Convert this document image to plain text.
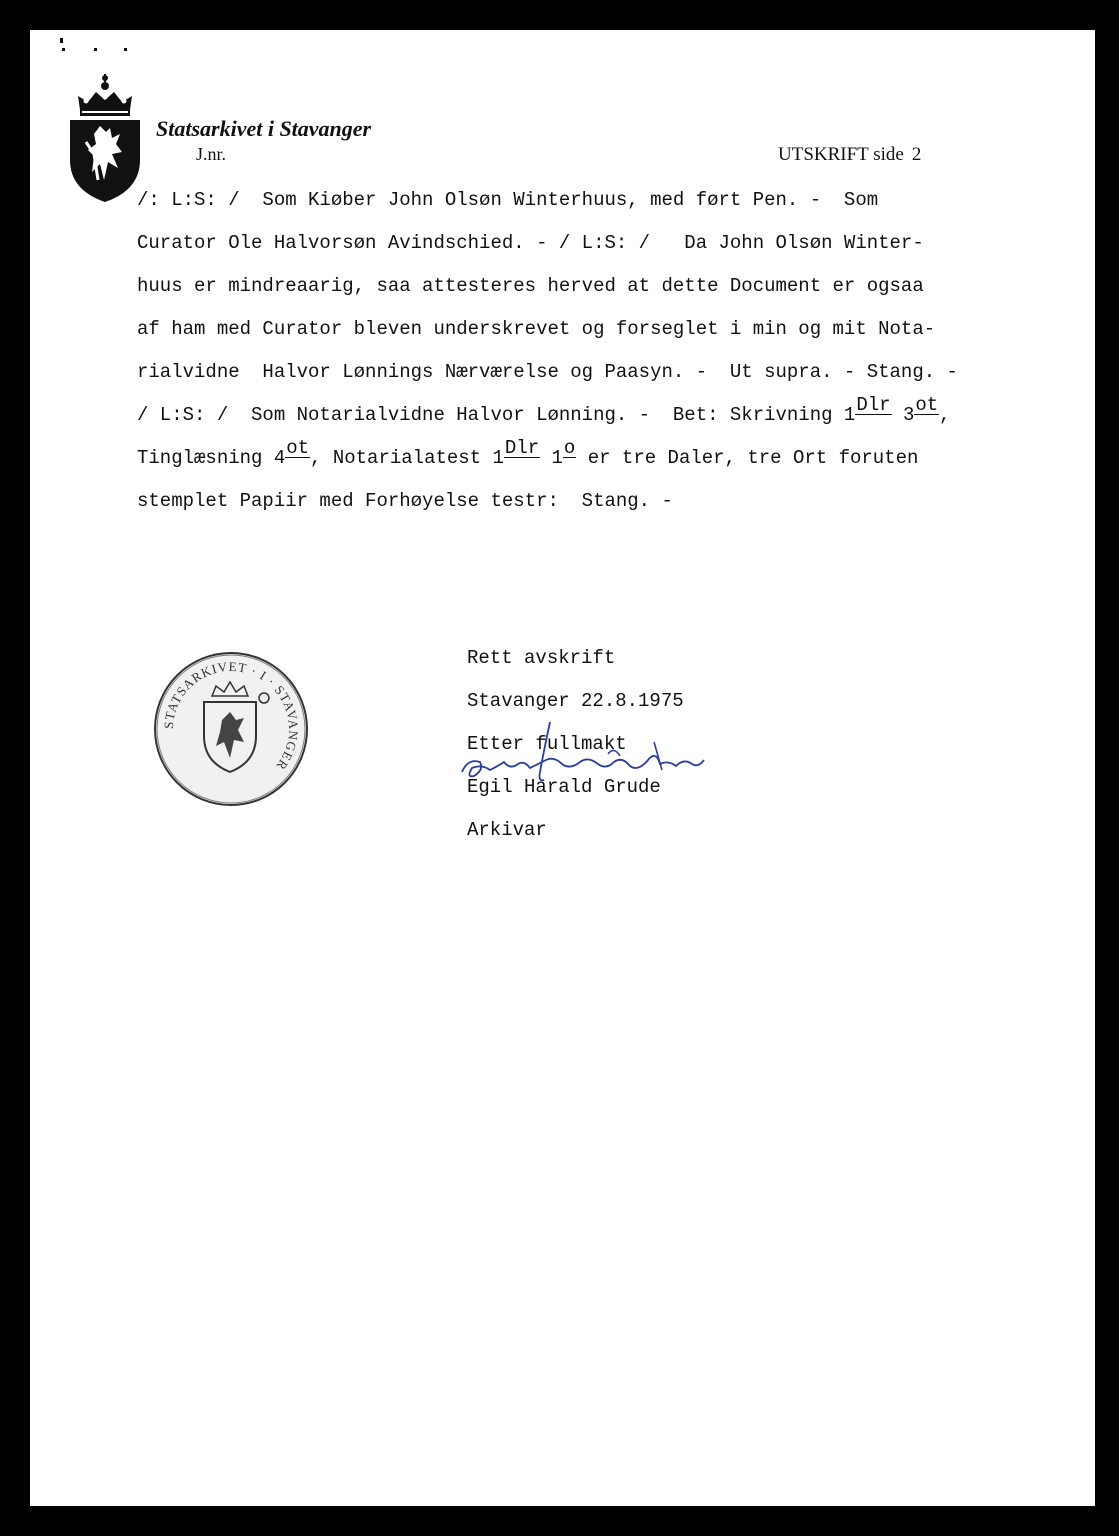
Statsarkivet i Stavanger
J.nr.	UTSKRIFT side 2
/: L:S: /  Som Kiøber John Olsøn Winterhuus, med ført Pen. -  Som
Curator Ole Halvorsøn Avindschied. - / L:S: /   Da John Olsøn Winter-
huus er mindreaarig, saa attesteres herved at dette Document er ogsaa
af ham med Curator bleven underskrevet og forseglet i min og mit Nota-
rialvidne  Halvor Lønnings Nærværelse og Paasyn. -  Ut supra. - Stang. -
/ L:S: /  Som Notarialvidne Halvor Lønning. -  Bet: Skrivning 1Dlr 3ot,
Tinglæsning 4ot, Notarialatest 1Dlr 1o er tre Daler, tre Ort foruten
stemplet Papiir med Forhøyelse testr:  Stang. -
STATSARKIVET · I · STAVANGER
Rett avskrift
Stavanger 22.8.1975
Etter fullmakt
Egil Harald Grude
Arkivar
